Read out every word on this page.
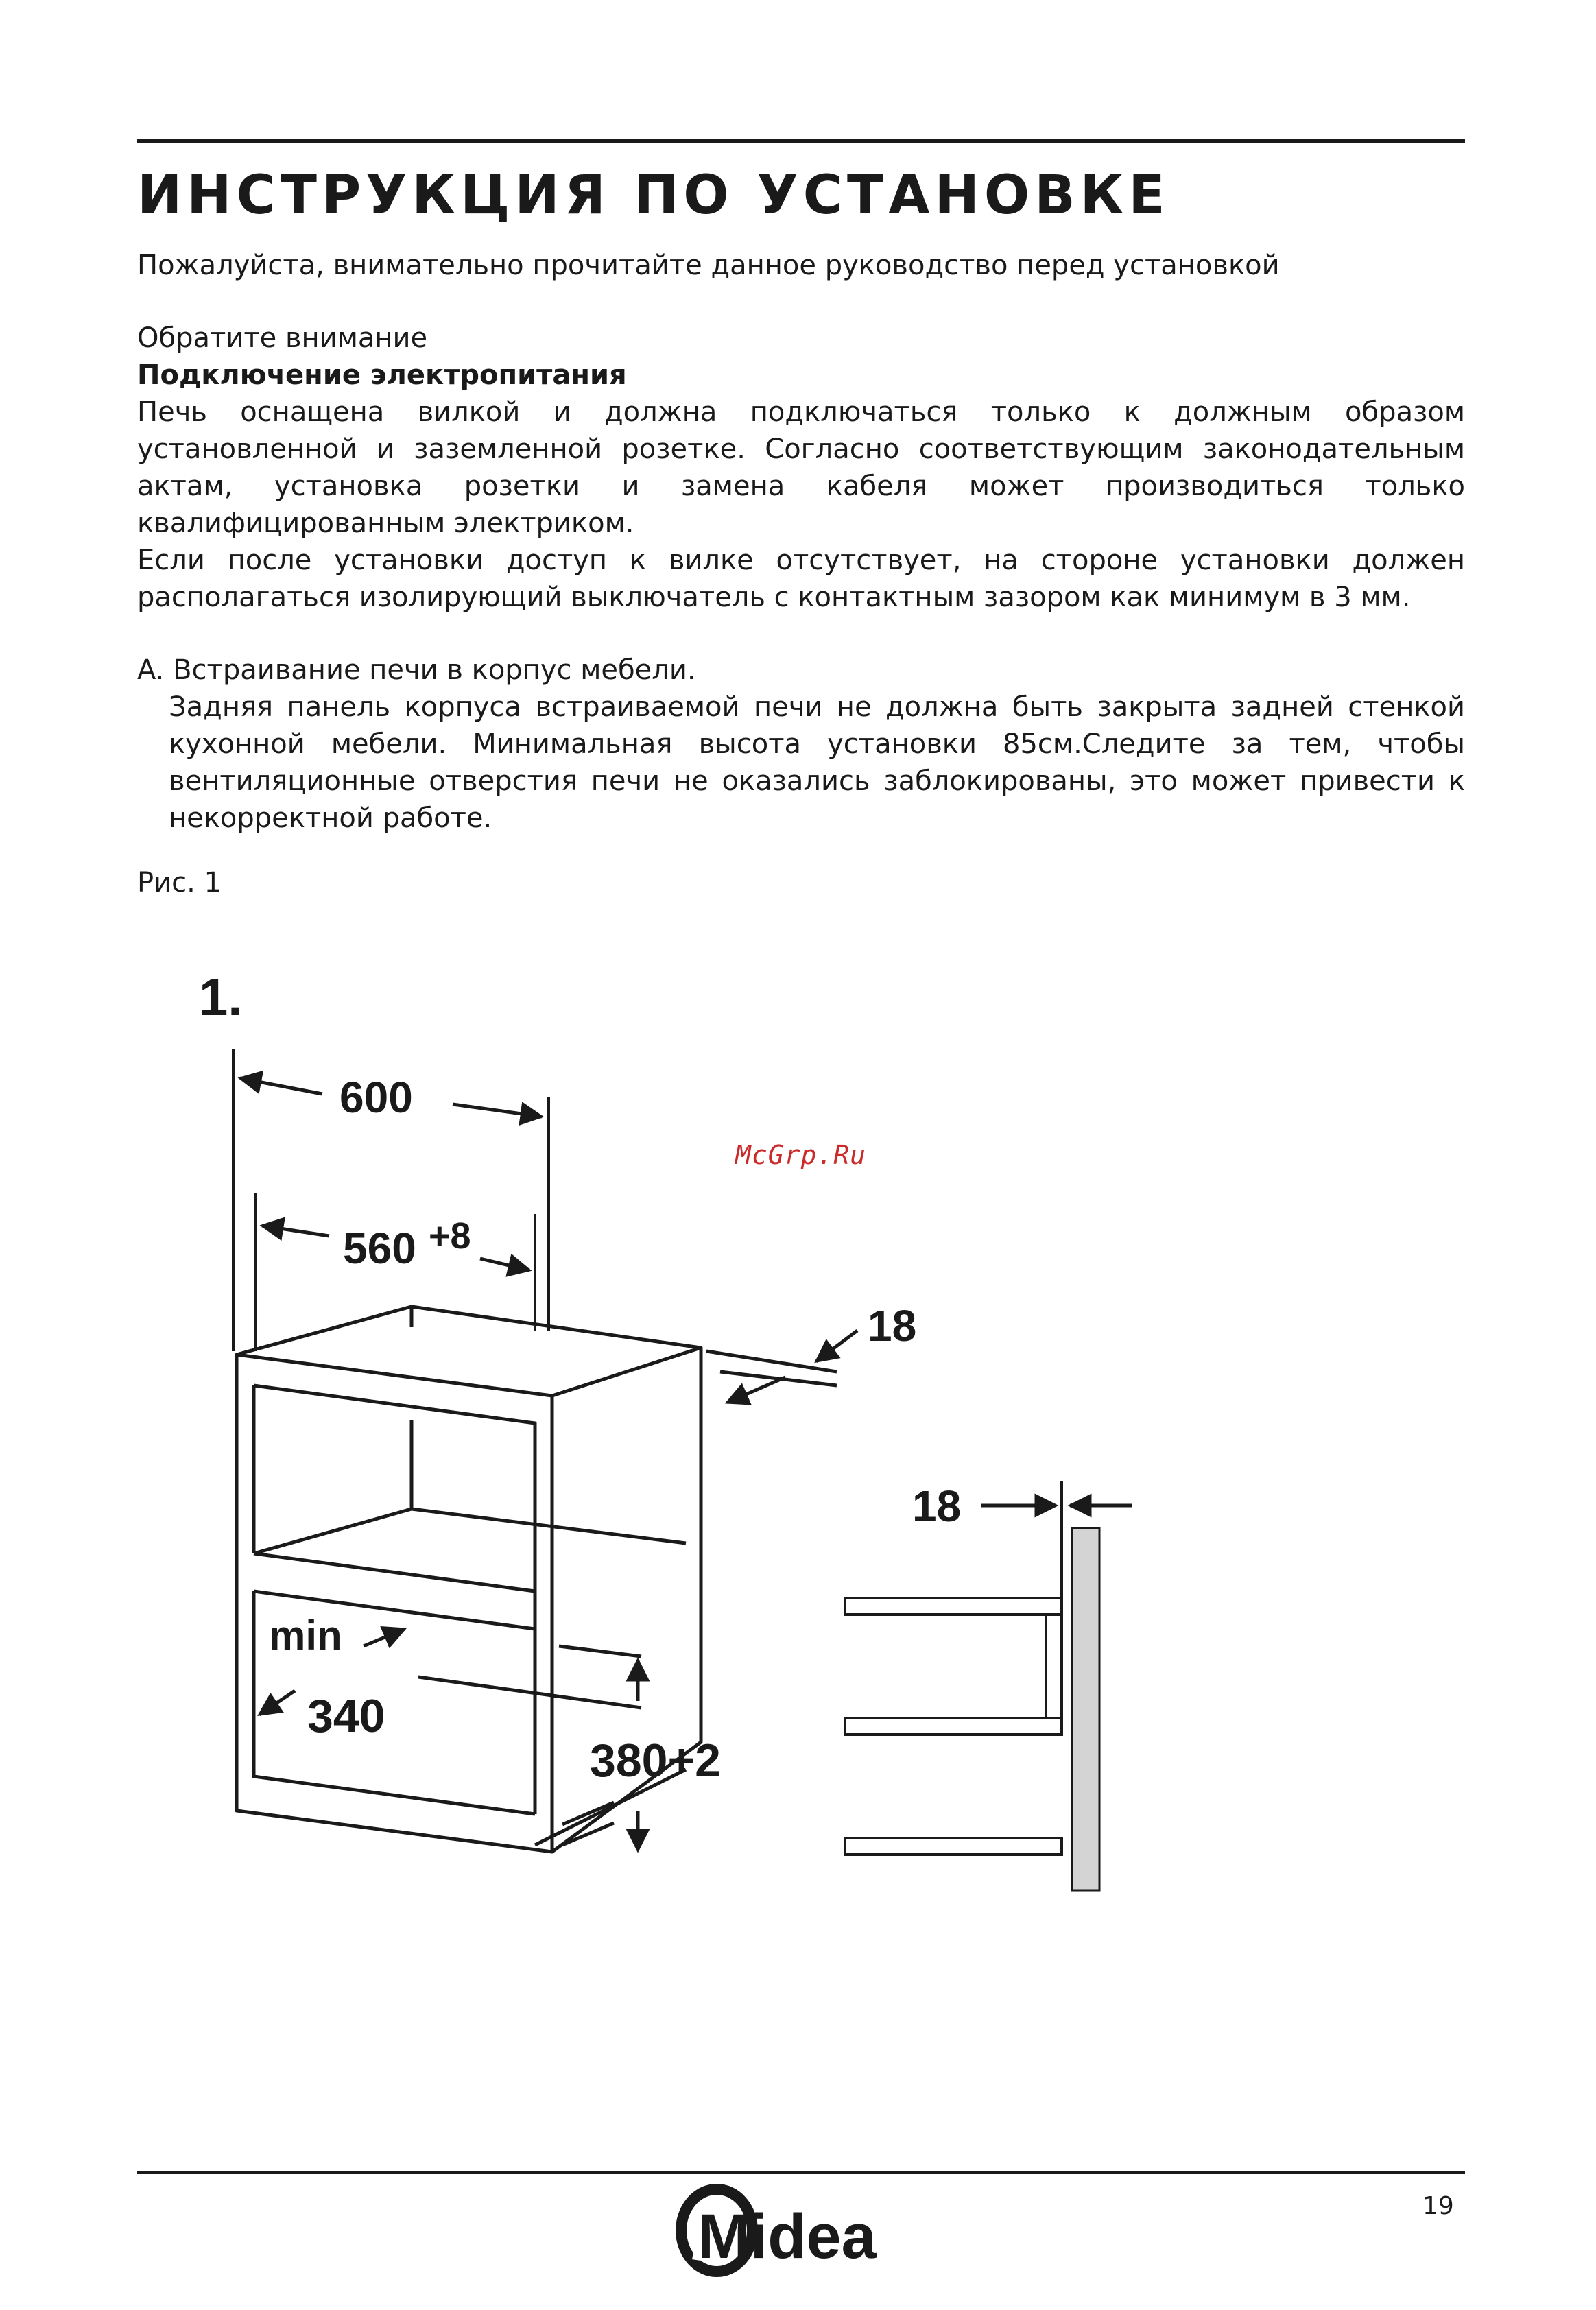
ИНСТРУКЦИЯ ПО УСТАНОВКЕ

Пожалуйста, внимательно прочитайте данное руководство перед установкой

Обратите внимание

Подключение электропитания

Печь оснащена вилкой и должна подключаться только к должным образом установленной и заземленной розетке. Согласно соответствующим законодательным актам, установка розетки и замена кабеля может производиться только квалифицированным электриком.

Если после установки доступ к вилке отсутствует, на стороне установки должен располагаться изолирующий выключатель с контактным зазором как минимум в 3 мм.

A. Встраивание печи в корпус мебели.

Задняя панель корпуса встраиваемой печи не должна быть закрыта задней стенкой кухонной мебели. Минимальная высота установки 85см.Следите за тем, чтобы вентиляционные отверстия печи не оказались заблокированы, это может привести к некорректной работе.

Рис. 1

1.
600
560 +8
18
min
340
380+2
18
McGrp.Ru
Midea	19
